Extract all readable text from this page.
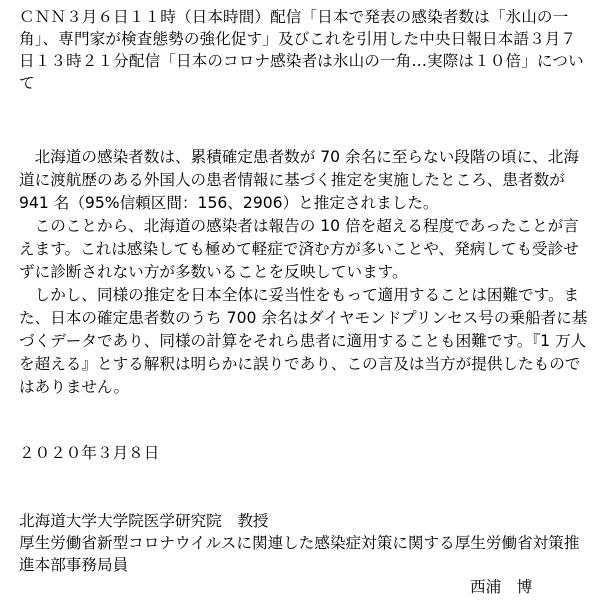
ＣＮＮ３月６日１１時（日本時間）配信「日本で発表の感染者数は「氷山の一角」、専門家が検査態勢の強化促す」及びこれを引用した中央日報日本語３月７日１３時２１分配信「日本のコロナ感染者は氷山の一角…実際は１０倍」について

北海道の感染者数は、累積確定患者数が 70 余名に至らない段階の頃に、北海道に渡航歴のある外国人の患者情報に基づく推定を実施したところ、患者数が 941 名（95%信頼区間：156、2906）と推定されました。

このことから、北海道の感染者は報告の 10 倍を超える程度であったことが言えます。これは感染しても極めて軽症で済む方が多いことや、発病しても受診せずに診断されない方が多数いることを反映しています。

しかし、同様の推定を日本全体に妥当性をもって適用することは困難です。また、日本の確定患者数のうち 700 余名はダイヤモンドプリンセス号の乗船者に基づくデータであり、同様の計算をそれら患者に適用することも困難です。『1 万人を超える』とする解釈は明らかに誤りであり、この言及は当方が提供したものではありません。

２０２０年３月８日
北海道大学大学院医学研究院　教授
厚生労働省新型コロナウイルスに関連した感染症対策に関する厚生労働省対策推進本部事務局員
西浦　博
